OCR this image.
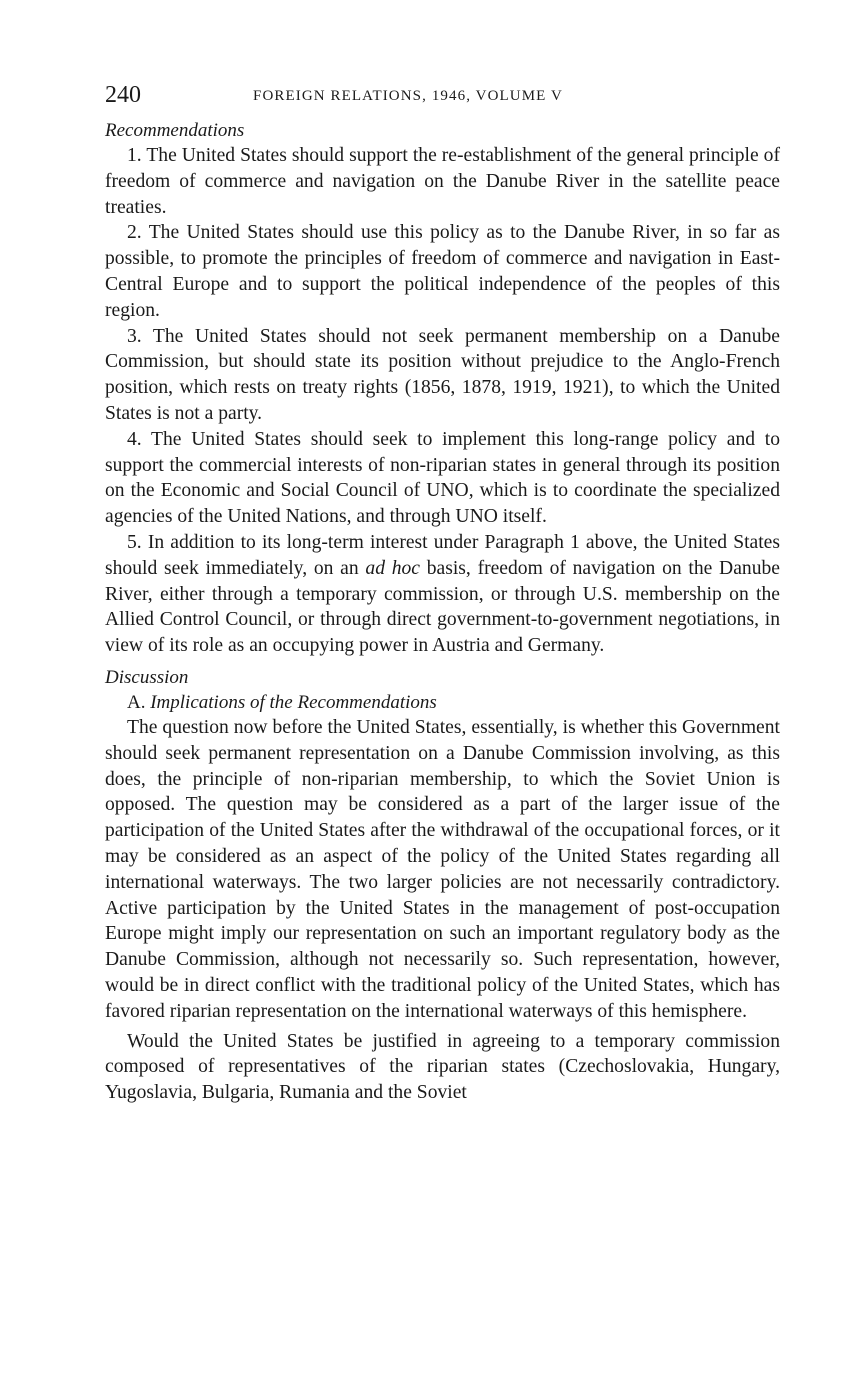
240	FOREIGN RELATIONS, 1946, VOLUME V
Recommendations

1. The United States should support the re-establishment of the general principle of freedom of commerce and navigation on the Danube River in the satellite peace treaties.

2. The United States should use this policy as to the Danube River, in so far as possible, to promote the principles of freedom of commerce and navigation in East-Central Europe and to support the political independence of the peoples of this region.

3. The United States should not seek permanent membership on a Danube Commission, but should state its position without prejudice to the Anglo-French position, which rests on treaty rights (1856, 1878, 1919, 1921), to which the United States is not a party.

4. The United States should seek to implement this long-range policy and to support the commercial interests of non-riparian states in general through its position on the Economic and Social Council of UNO, which is to coordinate the specialized agencies of the United Nations, and through UNO itself.

5. In addition to its long-term interest under Paragraph 1 above, the United States should seek immediately, on an ad hoc basis, freedom of navigation on the Danube River, either through a temporary commission, or through U.S. membership on the Allied Control Council, or through direct government-to-government negotiations, in view of its role as an occupying power in Austria and Germany.

Discussion
A. Implications of the Recommendations

The question now before the United States, essentially, is whether this Government should seek permanent representation on a Danube Commission involving, as this does, the principle of non-riparian membership, to which the Soviet Union is opposed. The question may be considered as a part of the larger issue of the participation of the United States after the withdrawal of the occupational forces, or it may be considered as an aspect of the policy of the United States regarding all international waterways. The two larger policies are not necessarily contradictory. Active participation by the United States in the management of post-occupation Europe might imply our representation on such an important regulatory body as the Danube Commission, although not necessarily so. Such representation, however, would be in direct conflict with the traditional policy of the United States, which has favored riparian representation on the international waterways of this hemisphere.

Would the United States be justified in agreeing to a temporary commission composed of representatives of the riparian states (Czechoslovakia, Hungary, Yugoslavia, Bulgaria, Rumania and the Soviet
